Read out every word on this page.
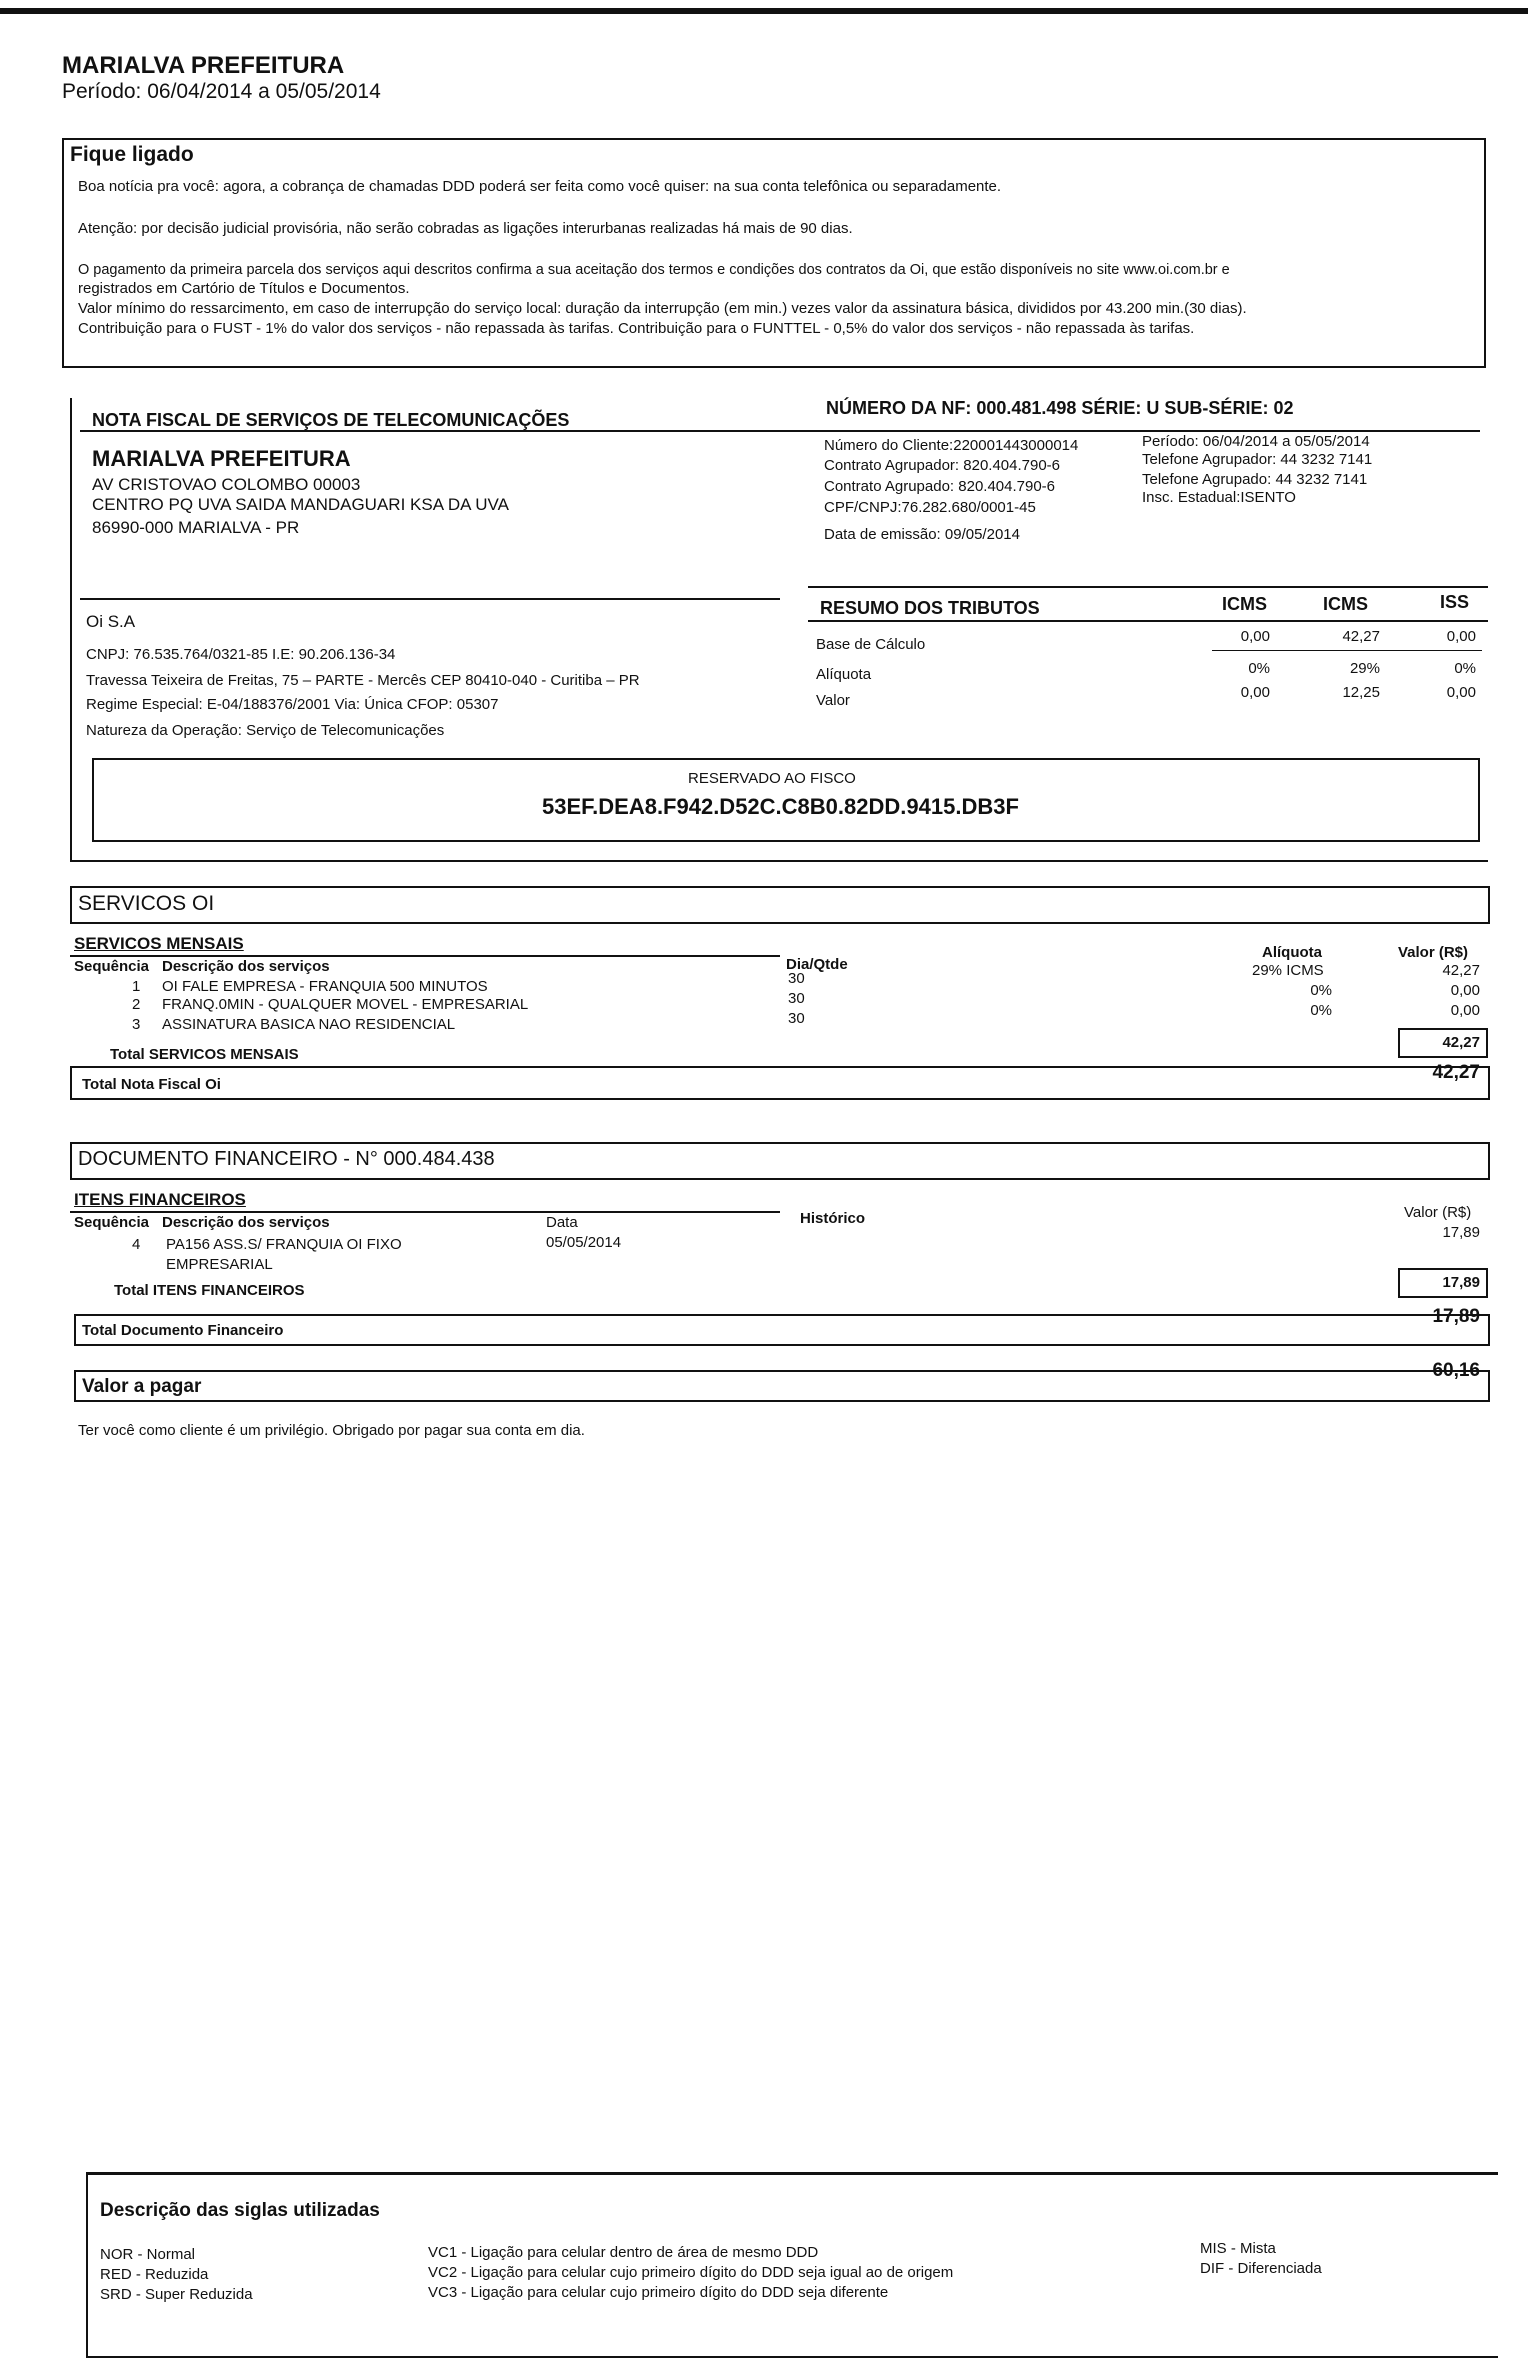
MARIALVA PREFEITURA
Período: 06/04/2014 a 05/05/2014
Fique ligado
Boa notícia pra você: agora, a cobrança de chamadas DDD poderá ser feita como você quiser: na sua conta telefônica ou separadamente.
Atenção: por decisão judicial provisória, não serão cobradas as ligações interurbanas realizadas há mais de 90 dias.
O pagamento da primeira parcela dos serviços aqui descritos confirma a sua aceitação dos termos e condições dos contratos da Oi, que estão disponíveis no site www.oi.com.br e
registrados em Cartório de Títulos e Documentos.
Valor mínimo do ressarcimento, em caso de interrupção do serviço local: duração da interrupção (em min.) vezes valor da assinatura básica, divididos por 43.200 min.(30 dias).
Contribuição para o FUST - 1% do valor dos serviços - não repassada às tarifas. Contribuição para o FUNTTEL - 0,5% do valor dos serviços - não repassada às tarifas.
NOTA FISCAL DE SERVIÇOS DE TELECOMUNICAÇÕES
NÚMERO DA NF: 000.481.498 SÉRIE: U SUB-SÉRIE: 02
MARIALVA PREFEITURA
AV CRISTOVAO COLOMBO 00003
CENTRO PQ UVA SAIDA MANDAGUARI KSA DA UVA
86990-000 MARIALVA - PR
Número do Cliente:220001443000014
Contrato Agrupador: 820.404.790-6
Contrato Agrupado: 820.404.790-6
CPF/CNPJ:76.282.680/0001-45
Data de emissão: 09/05/2014
Período: 06/04/2014 a 05/05/2014
Telefone Agrupador: 44 3232 7141
Telefone Agrupado: 44 3232 7141
Insc. Estadual:ISENTO
Oi S.A
CNPJ: 76.535.764/0321-85 I.E: 90.206.136-34
Travessa Teixeira de Freitas, 75 – PARTE - Mercês CEP 80410-040 - Curitiba – PR
Regime Especial: E-04/188376/2001 Via: Única CFOP: 05307
Natureza da Operação: Serviço de Telecomunicações
RESUMO DOS TRIBUTOS	ICMS	ICMS	ISS
Base de Cálculo	0,00	42,27	0,00
Alíquota	0%	29%	0%
Valor	0,00	12,25	0,00
RESERVADO AO FISCO
53EF.DEA8.F942.D52C.C8B0.82DD.9415.DB3F
SERVICOS OI
SERVICOS MENSAIS
Sequência Descrição dos serviços	Dia/Qtde
Alíquota	Valor (R$)
1 OI FALE EMPRESA - FRANQUIA 500 MINUTOS	30	29% ICMS	42,27
2 FRANQ.0MIN - QUALQUER MOVEL - EMPRESARIAL	30	0%	0,00
3 ASSINATURA BASICA NAO RESIDENCIAL	30	0%	0,00
Total SERVICOS MENSAIS
42,27
Total Nota Fiscal Oi
42,27
DOCUMENTO FINANCEIRO - N° 000.484.438
ITENS FINANCEIROS
Sequência Descrição dos serviços	Data	Histórico	Valor (R$)
4 PA156 ASS.S/ FRANQUIA OI FIXO
EMPRESARIAL
05/05/2014
17,89
Total ITENS FINANCEIROS	17,89
Total Documento Financeiro
17,89
Valor a pagar
60,16
Ter você como cliente é um privilégio. Obrigado por pagar sua conta em dia.
Descrição das siglas utilizadas
NOR - Normal
RED - Reduzida
SRD - Super Reduzida
VC1 - Ligação para celular dentro de área de mesmo DDD
VC2 - Ligação para celular cujo primeiro dígito do DDD seja igual ao de origem
VC3 - Ligação para celular cujo primeiro dígito do DDD seja diferente
MIS - Mista
DIF - Diferenciada
